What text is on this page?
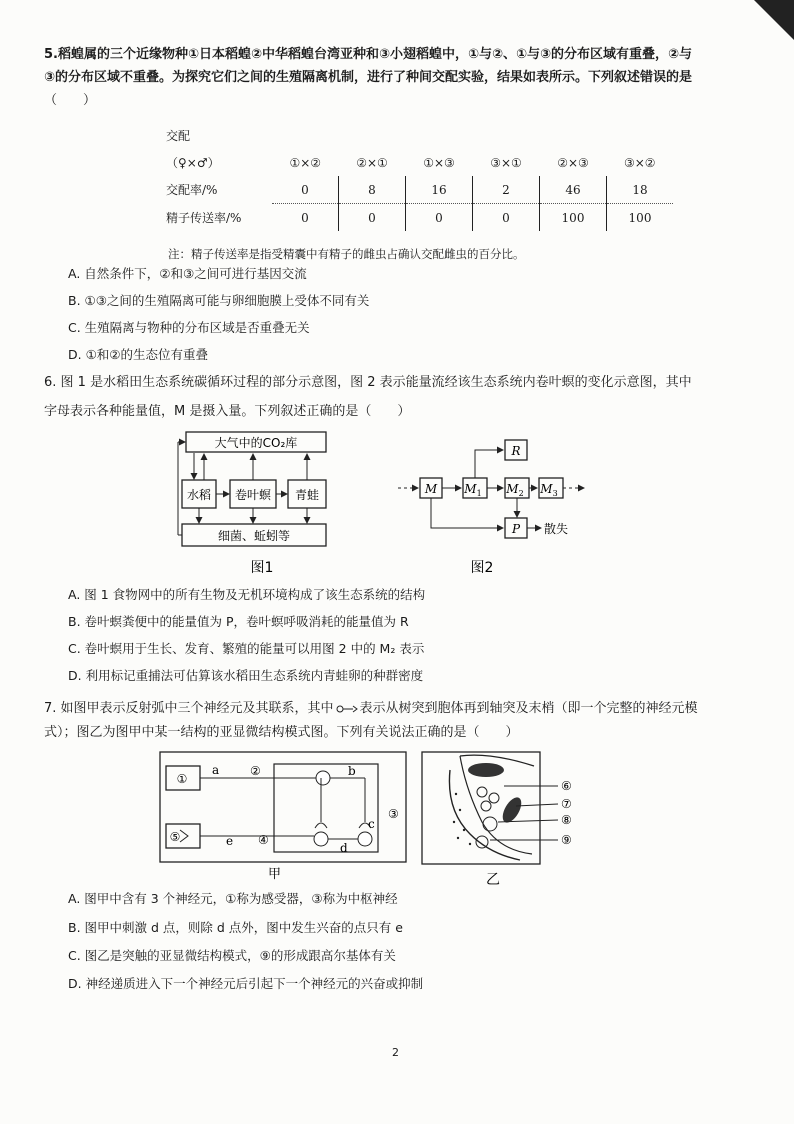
5.稻蝗属的三个近缘物种①日本稻蝗②中华稻蝗台湾亚种和③小翅稻蝗中，①与②、①与③的分布区域有重叠，②与
③的分布区域不重叠。为探究它们之间的生殖隔离机制，进行了种间交配实验，结果如表所示。下列叙述错误的是
（　　）
交配						
（♀×♂）	①×②	②×①	①×③	③×①	②×③	③×②
交配率/%	0	8	16	2	46	18
精子传送率/%	0	0	0	0	100	100
注：精子传送率是指受精囊中有精子的雌虫占确认交配雌虫的百分比。
A. 自然条件下，②和③之间可进行基因交流
B. ①③之间的生殖隔离可能与卵细胞膜上受体不同有关
C. 生殖隔离与物种的分布区域是否重叠无关
D. ①和②的生态位有重叠
6. 图 1 是水稻田生态系统碳循环过程的部分示意图，图 2 表示能量流经该生态系统内卷叶螟的变化示意图，其中
字母表示各种能量值，M 是摄入量。下列叙述正确的是（　　）
大气中的CO₂库
水稻 卷叶螟 青蛙
细菌、蚯蚓等
图1
M $M_1$ $M_2$ $M_3$
R
P 散失
图2
A. 图 1 食物网中的所有生物及无机环境构成了该生态系统的结构
B. 卷叶螟粪便中的能量值为 P，卷叶螟呼吸消耗的能量值为 R
C. 卷叶螟用于生长、发育、繁殖的能量可以用图 2 中的 M₂ 表示
D. 利用标记重捕法可估算该水稻田生态系统内青蛙卵的种群密度
7. 如图甲表示反射弧中三个神经元及其联系，其中 表示从树突到胞体再到轴突及末梢（即一个完整的神经元模
式）；图乙为图甲中某一结构的亚显微结构模式图。下列有关说法正确的是（　　）
①
⑤
a	②	b
c
d
e ④
③
甲
⑥
⑦
⑧
⑨
乙
A. 图甲中含有 3 个神经元，①称为感受器，③称为中枢神经
B. 图甲中刺激 d 点，则除 d 点外，图中发生兴奋的点只有 e
C. 图乙是突触的亚显微结构模式，⑨的形成跟高尔基体有关
D. 神经递质进入下一个神经元后引起下一个神经元的兴奋或抑制
2
